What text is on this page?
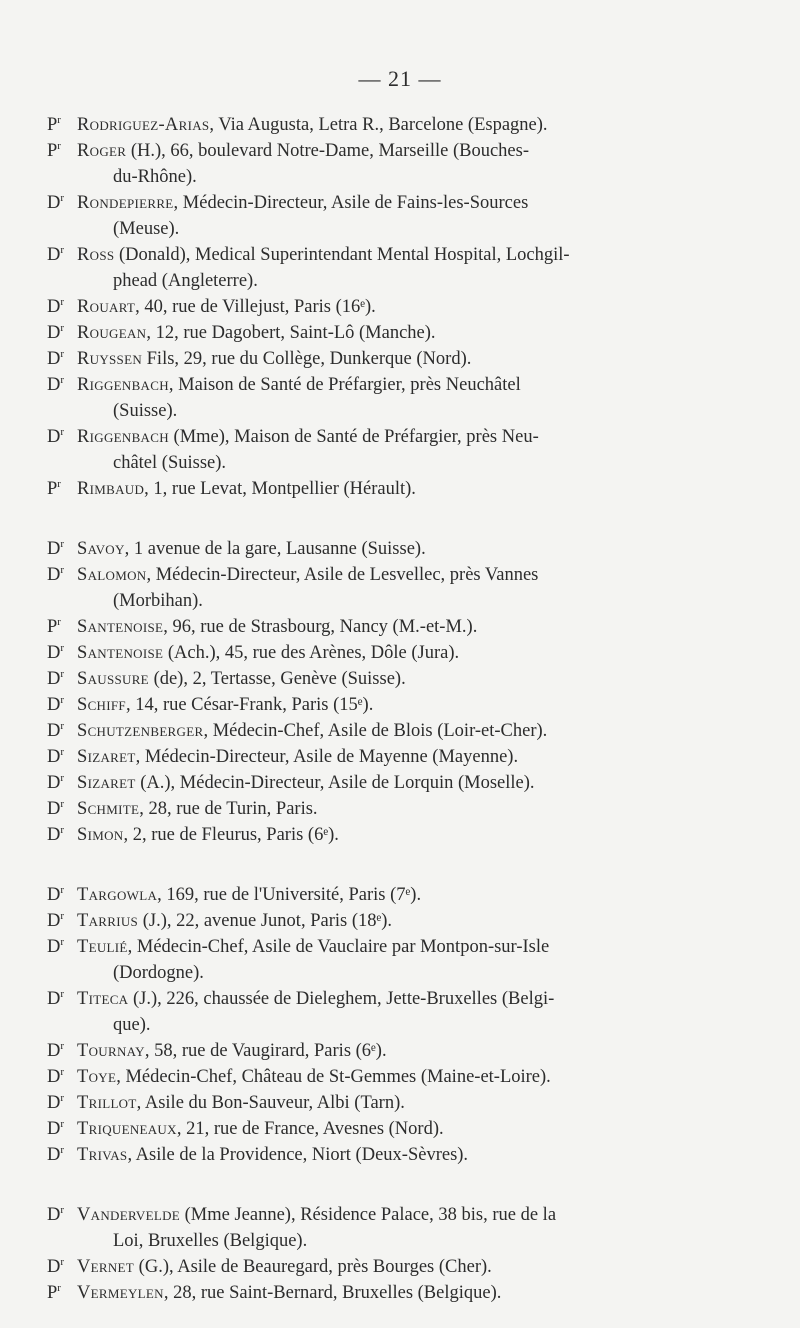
— 21 —
$P^r$ Rodriguez-Arias, Via Augusta, Letra R., Barcelone (Espagne).
$P^r$ Roger (H.), 66, boulevard Notre-Dame, Marseille (Bouches-
du-Rhône).
$D^r$ Rondepierre, Médecin-Directeur, Asile de Fains-les-Sources
(Meuse).
$D^r$ Ross (Donald), Medical Superintendant Mental Hospital, Lochgil-
phead (Angleterre).
$D^r$ Rouart, 40, rue de Villejust, Paris (16ᵉ).
$D^r$ Rougean, 12, rue Dagobert, Saint-Lô (Manche).
$D^r$ Ruyssen Fils, 29, rue du Collège, Dunkerque (Nord).
$D^r$ Riggenbach, Maison de Santé de Préfargier, près Neuchâtel
(Suisse).
$D^r$ Riggenbach (Mme), Maison de Santé de Préfargier, près Neu-
châtel (Suisse).
$P^r$ Rimbaud, 1, rue Levat, Montpellier (Hérault).
$D^r$ Savoy, 1 avenue de la gare, Lausanne (Suisse).
$D^r$ Salomon, Médecin-Directeur, Asile de Lesvellec, près Vannes
(Morbihan).
$P^r$ Santenoise, 96, rue de Strasbourg, Nancy (M.-et-M.).
$D^r$ Santenoise (Ach.), 45, rue des Arènes, Dôle (Jura).
$D^r$ Saussure (de), 2, Tertasse, Genève (Suisse).
$D^r$ Schiff, 14, rue César-Frank, Paris (15ᵉ).
$D^r$ Schutzenberger, Médecin-Chef, Asile de Blois (Loir-et-Cher).
$D^r$ Sizaret, Médecin-Directeur, Asile de Mayenne (Mayenne).
$D^r$ Sizaret (A.), Médecin-Directeur, Asile de Lorquin (Moselle).
$D^r$ Schmite, 28, rue de Turin, Paris.
$D^r$ Simon, 2, rue de Fleurus, Paris (6ᵉ).
$D^r$ Targowla, 169, rue de l'Université, Paris (7ᵉ).
$D^r$ Tarrius (J.), 22, avenue Junot, Paris (18ᵉ).
$D^r$ Teulié, Médecin-Chef, Asile de Vauclaire par Montpon-sur-Isle
(Dordogne).
$D^r$ Titeca (J.), 226, chaussée de Dieleghem, Jette-Bruxelles (Belgi-
que).
$D^r$ Tournay, 58, rue de Vaugirard, Paris (6ᵉ).
$D^r$ Toye, Médecin-Chef, Château de St-Gemmes (Maine-et-Loire).
$D^r$ Trillot, Asile du Bon-Sauveur, Albi (Tarn).
$D^r$ Triqueneaux, 21, rue de France, Avesnes (Nord).
$D^r$ Trivas, Asile de la Providence, Niort (Deux-Sèvres).
$D^r$ Vandervelde (Mme Jeanne), Résidence Palace, 38 bis, rue de la
Loi, Bruxelles (Belgique).
$D^r$ Vernet (G.), Asile de Beauregard, près Bourges (Cher).
$P^r$ Vermeylen, 28, rue Saint-Bernard, Bruxelles (Belgique).
